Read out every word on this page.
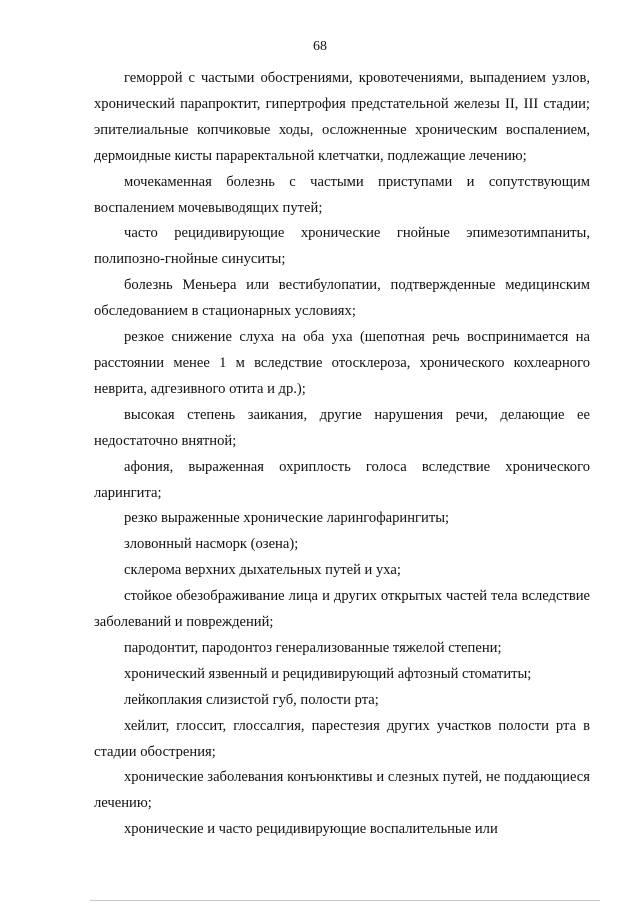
68

геморрой с частыми обострениями, кровотечениями, выпадением узлов, хронический парапроктит, гипертрофия предстательной железы II, III стадии; эпителиальные копчиковые ходы, осложненные хроническим воспалением, дермоидные кисты параректальной клетчатки, подлежащие лечению;

мочекаменная болезнь с частыми приступами и сопутствующим воспалением мочевыводящих путей;

часто рецидивирующие хронические гнойные эпимезотимпаниты, полипозно-гнойные синуситы;

болезнь Меньера или вестибулопатии, подтвержденные медицинским обследованием в стационарных условиях;

резкое снижение слуха на оба уха (шепотная речь воспринимается на расстоянии менее 1 м вследствие отосклероза, хронического кохлеарного неврита, адгезивного отита и др.);

высокая степень заикания, другие нарушения речи, делающие ее недостаточно внятной;

афония, выраженная охриплость голоса вследствие хронического ларингита;

резко выраженные хронические ларингофарингиты;

зловонный насморк (озена);

склерома верхних дыхательных путей и уха;

стойкое обезображивание лица и других открытых частей тела вследствие заболеваний и повреждений;

пародонтит, пародонтоз генерализованные тяжелой степени;

хронический язвенный и рецидивирующий афтозный стоматиты;

лейкоплакия слизистой губ, полости рта;

хейлит, глоссит, глоссалгия, парестезия других участков полости рта в стадии обострения;

хронические заболевания конъюнктивы и слезных путей, не поддающиеся лечению;

хронические и часто рецидивирующие воспалительные или
